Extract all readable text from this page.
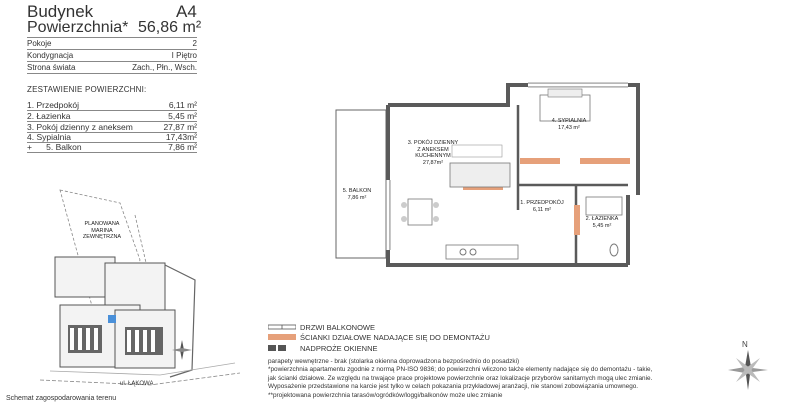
Budynek	A4
Powierzchnia* 56,86 m²
Pokoje	2
Kondygnacja	I Piętro
Strona świata	Zach., Płn., Wsch.
ZESTAWIENIE POWIERZCHNI:
1. Przedpokój	6,11 m²
2. Łazienka	5,45 m²
3. Pokój dzienny z aneksem	27,87 m²
4. Sypialnia	17,43m²
+      5. Balkon	7,86 m²
PLANOWANA
MARINA
ZEWNĘTRZNA
ul. ŁĄKOWA
Schemat zagospodarowania terenu
3. POKÓJ DZIENNY
Z ANEKSEM
KUCHENNYM
27,87m²
4. SYPIALNIA
17,43 m²
5. BALKON
7,86 m²
1. PRZEDPOKÓJ
6,11 m²
2. ŁAZIENKA
5,45 m²
DRZWI BALKONOWE
ŚCIANKI DZIAŁOWE NADAJĄCE SIĘ DO DEMONTAŻU
NADPROŻE OKIENNE
parapety wewnętrzne - brak (stolarka okienna doprowadzona bezpośrednio do posadzki)
*powierzchnia apartamentu zgodnie z normą PN-ISO 9836; do powierzchni wliczono także elementy nadające się do demontażu - takie,
jak ścianki działowe. Ze względu na trwające prace projektowe powierzchnie oraz lokalizacje przyborów sanitarnych mogą ulec zmianie.
Wyposażenie przedstawione na karcie jest tylko w celach pokazania przykładowej aranżacji, nie stanowi zobowiązania umownego.
**projektowana powierzchnia tarasów/ogródków/loggi/balkonów może ulec zmianie
N
